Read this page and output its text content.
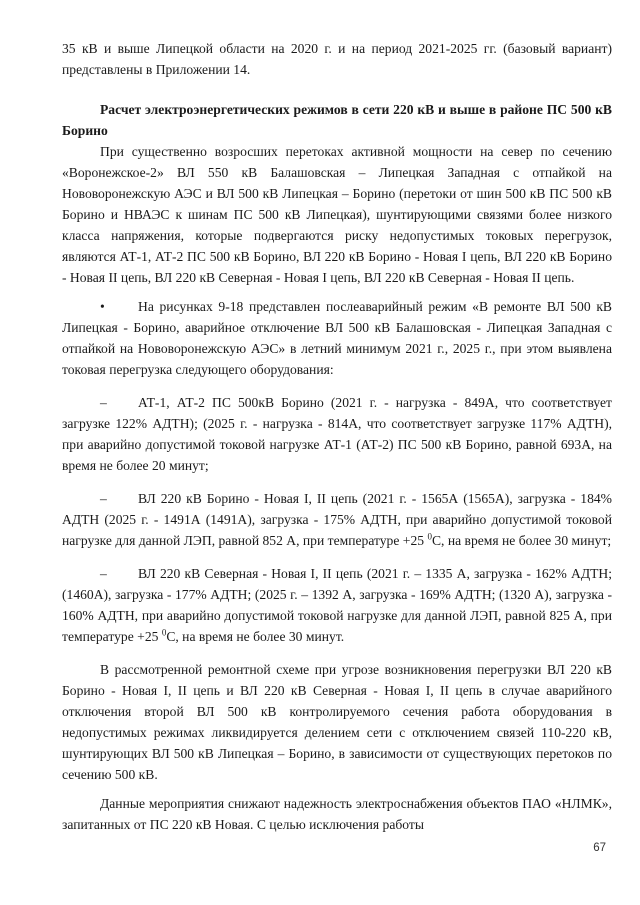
35 кВ и выше Липецкой области на 2020 г. и на период 2021-2025 гг. (базовый вариант) представлены в Приложении 14.

Расчет электроэнергетических режимов в сети 220 кВ и выше в районе ПС 500 кВ Борино

При существенно возросших перетоках активной мощности на север по сечению «Воронежское-2» ВЛ 550 кВ Балашовская – Липецкая Западная с отпайкой на Нововоронежскую АЭС и ВЛ 500 кВ Липецкая – Борино (перетоки от шин 500 кВ ПС 500 кВ Борино и НВАЭС к шинам ПС 500 кВ Липецкая), шунтирующими связями более низкого класса напряжения, которые подвергаются риску недопустимых токовых перегрузок, являются АТ-1, АТ-2 ПС 500 кВ Борино, ВЛ 220 кВ Борино - Новая I цепь, ВЛ 220 кВ Борино - Новая II цепь, ВЛ 220 кВ Северная - Новая I цепь, ВЛ 220 кВ Северная - Новая II цепь.

• На рисунках 9-18 представлен послеаварийный режим «В ремонте ВЛ 500 кВ Липецкая - Борино, аварийное отключение ВЛ 500 кВ Балашовская - Липецкая Западная с отпайкой на Нововоронежскую АЭС» в летний минимум 2021 г., 2025 г., при этом выявлена токовая перегрузка следующего оборудования:

– АТ-1, АТ-2 ПС 500кВ Борино (2021 г. - нагрузка - 849А, что соответствует загрузке 122% АДТН); (2025 г. - нагрузка - 814А, что соответствует загрузке 117% АДТН), при аварийно допустимой токовой нагрузке АТ-1 (АТ-2) ПС 500 кВ Борино, равной 693А, на время не более 20 минут;

– ВЛ 220 кВ Борино - Новая I, II цепь (2021 г. - 1565А (1565А), загрузка - 184% АДТН (2025 г. - 1491А (1491А), загрузка - 175% АДТН, при аварийно допустимой токовой нагрузке для данной ЛЭП, равной 852 А, при температуре +25 $^0$С, на время не более 30 минут;

– ВЛ 220 кВ Северная - Новая I, II цепь (2021 г. – 1335 А, загрузка - 162% АДТН; (1460А), загрузка - 177% АДТН; (2025 г. – 1392 А, загрузка - 169% АДТН; (1320 А), загрузка - 160% АДТН, при аварийно допустимой токовой нагрузке для данной ЛЭП, равной 825 А, при температуре +25 $^0$С, на время не более 30 минут.

В рассмотренной ремонтной схеме при угрозе возникновения перегрузки ВЛ 220 кВ Борино - Новая I, II цепь и ВЛ 220 кВ Северная - Новая I, II цепь в случае аварийного отключения второй ВЛ 500 кВ контролируемого сечения работа оборудования в недопустимых режимах ликвидируется делением сети с отключением связей 110-220 кВ, шунтирующих ВЛ 500 кВ Липецкая – Борино, в зависимости от существующих перетоков по сечению 500 кВ.

Данные мероприятия снижают надежность электроснабжения объектов ПАО «НЛМК», запитанных от ПС 220 кВ Новая. С целью исключения работы

67
